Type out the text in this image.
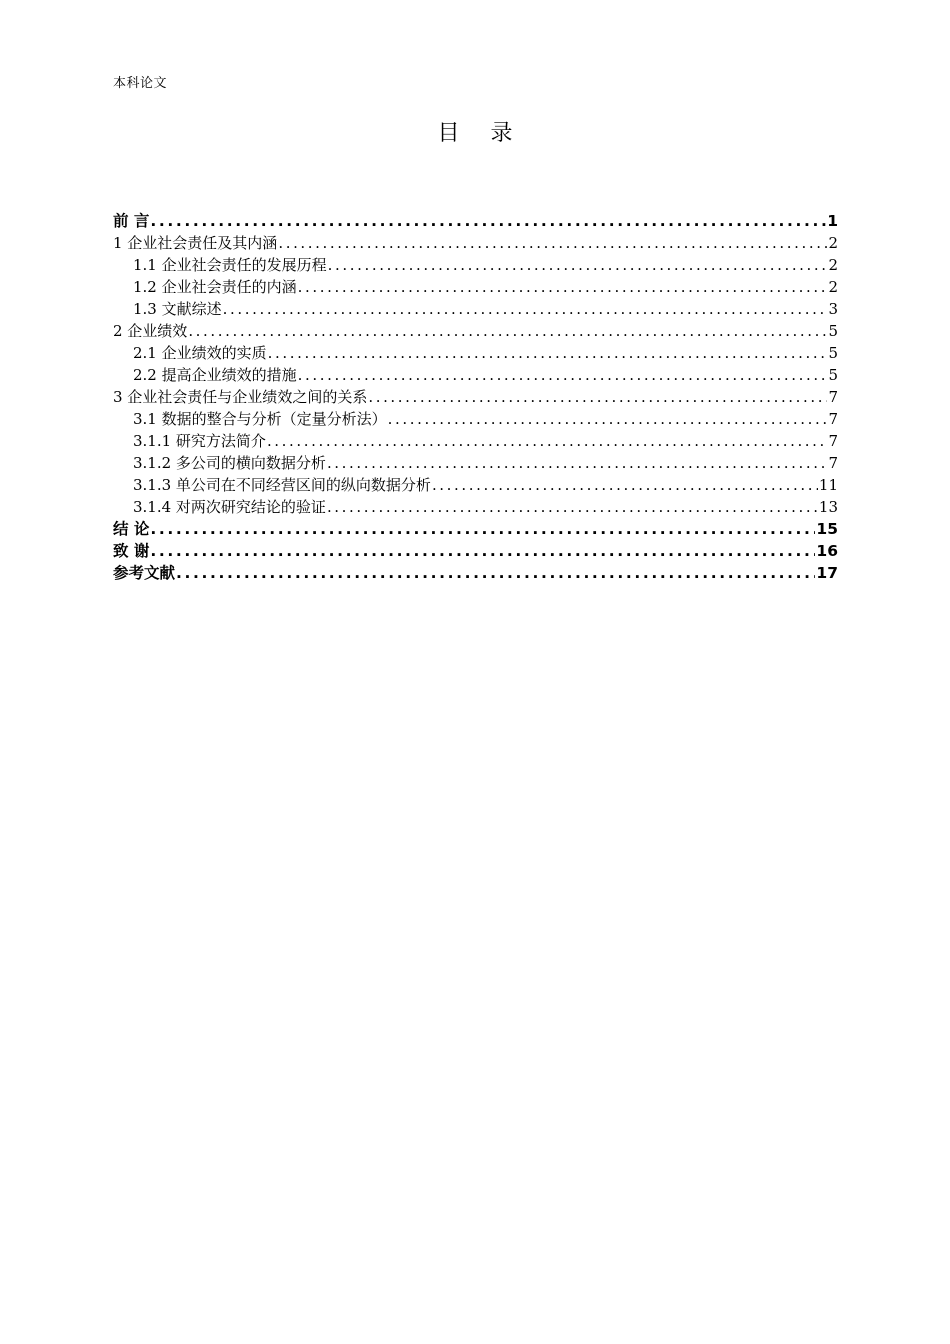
本科论文
目 录
前 言 .....	1
1 企业社会责任及其内涵 .....	2
1.1 企业社会责任的发展历程 .....	2
1.2 企业社会责任的内涵 .....	2
1.3 文献综述 .....	3
2 企业绩效 .....	5
2.1 企业绩效的实质 .....	5
2.2 提高企业绩效的措施 .....	5
3 企业社会责任与企业绩效之间的关系 .....	7
3.1 数据的整合与分析（定量分析法） .....	7
3.1.1 研究方法简介 .....	7
3.1.2 多公司的横向数据分析 .....	7
3.1.3 单公司在不同经营区间的纵向数据分析 .....	11
3.1.4 对两次研究结论的验证 .....	13
结 论 .....	15
致 谢 .....	16
参考文献 .....	17
